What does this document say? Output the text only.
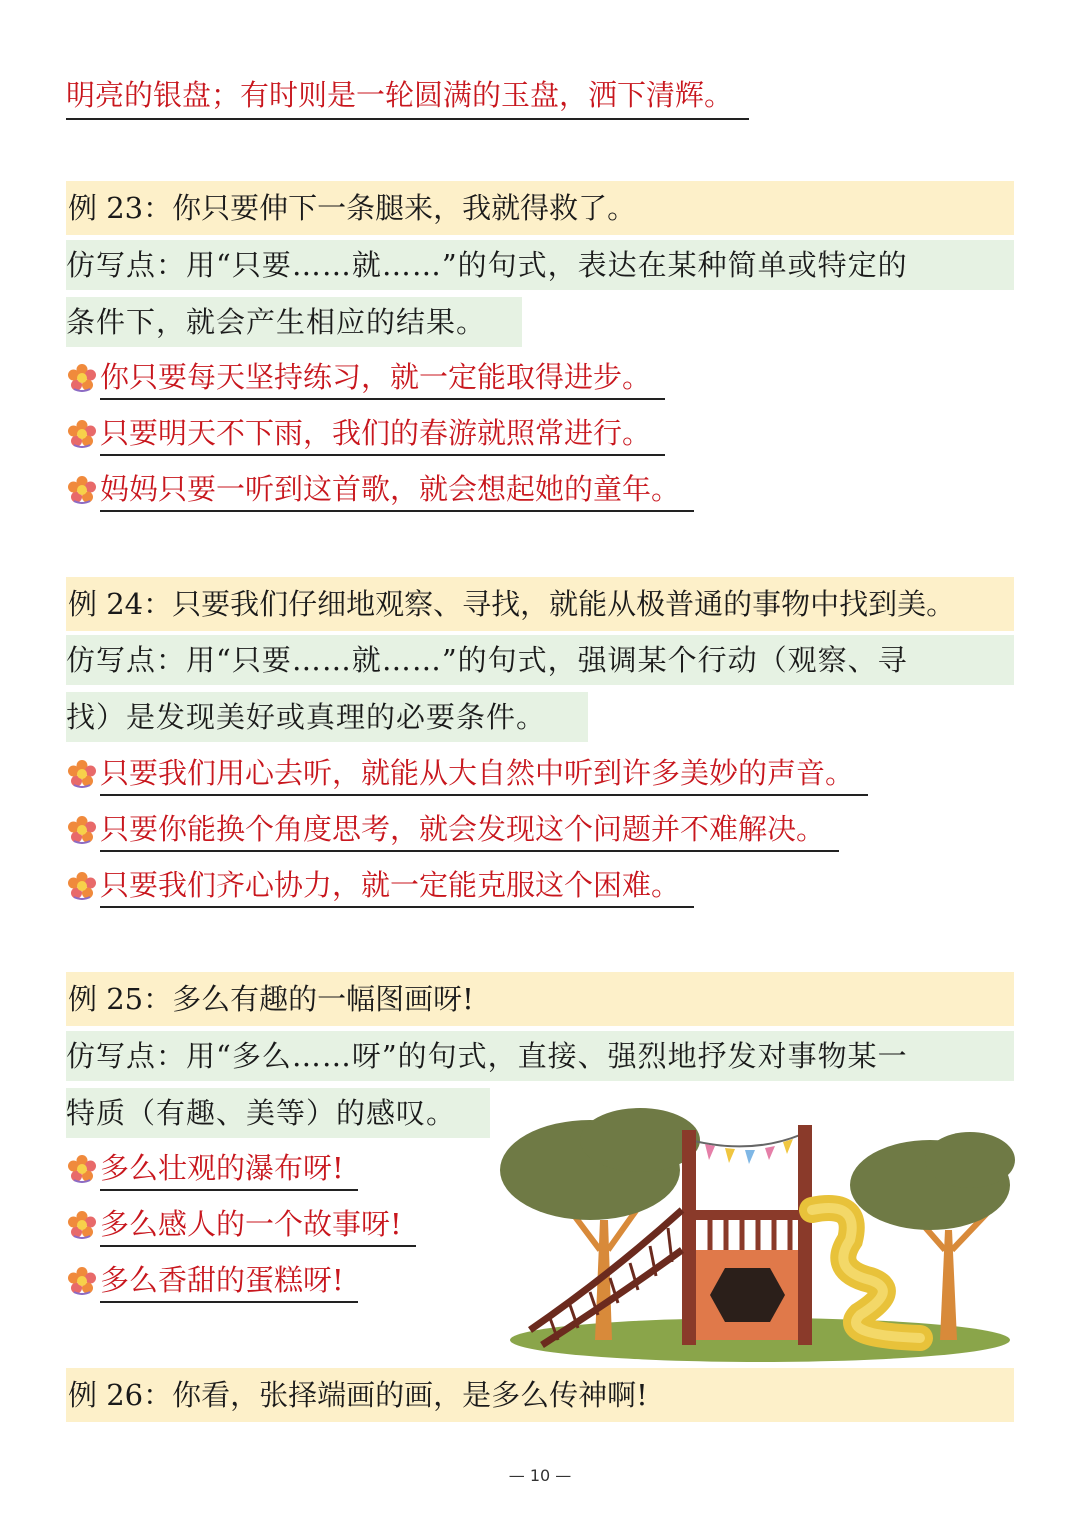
明亮的银盘；有时则是一轮圆满的玉盘，洒下清辉。
例 23：你只要伸下一条腿来，我就得救了。
仿写点：用“只要……就……”的句式，表达在某种简单或特定的
条件下，就会产生相应的结果。
你只要每天坚持练习，就一定能取得进步。
只要明天不下雨，我们的春游就照常进行。
妈妈只要一听到这首歌，就会想起她的童年。
例 24：只要我们仔细地观察、寻找，就能从极普通的事物中找到美。
仿写点：用“只要……就……”的句式，强调某个行动（观察、寻
找）是发现美好或真理的必要条件。
只要我们用心去听，就能从大自然中听到许多美妙的声音。
只要你能换个角度思考，就会发现这个问题并不难解决。
只要我们齐心协力，就一定能克服这个困难。
例 25：多么有趣的一幅图画呀!
仿写点：用“多么……呀”的句式，直接、强烈地抒发对事物某一
特质（有趣、美等）的感叹。
多么壮观的瀑布呀!
多么感人的一个故事呀!
多么香甜的蛋糕呀!
例 26：你看，张择端画的画，是多么传神啊!
— 10 —
